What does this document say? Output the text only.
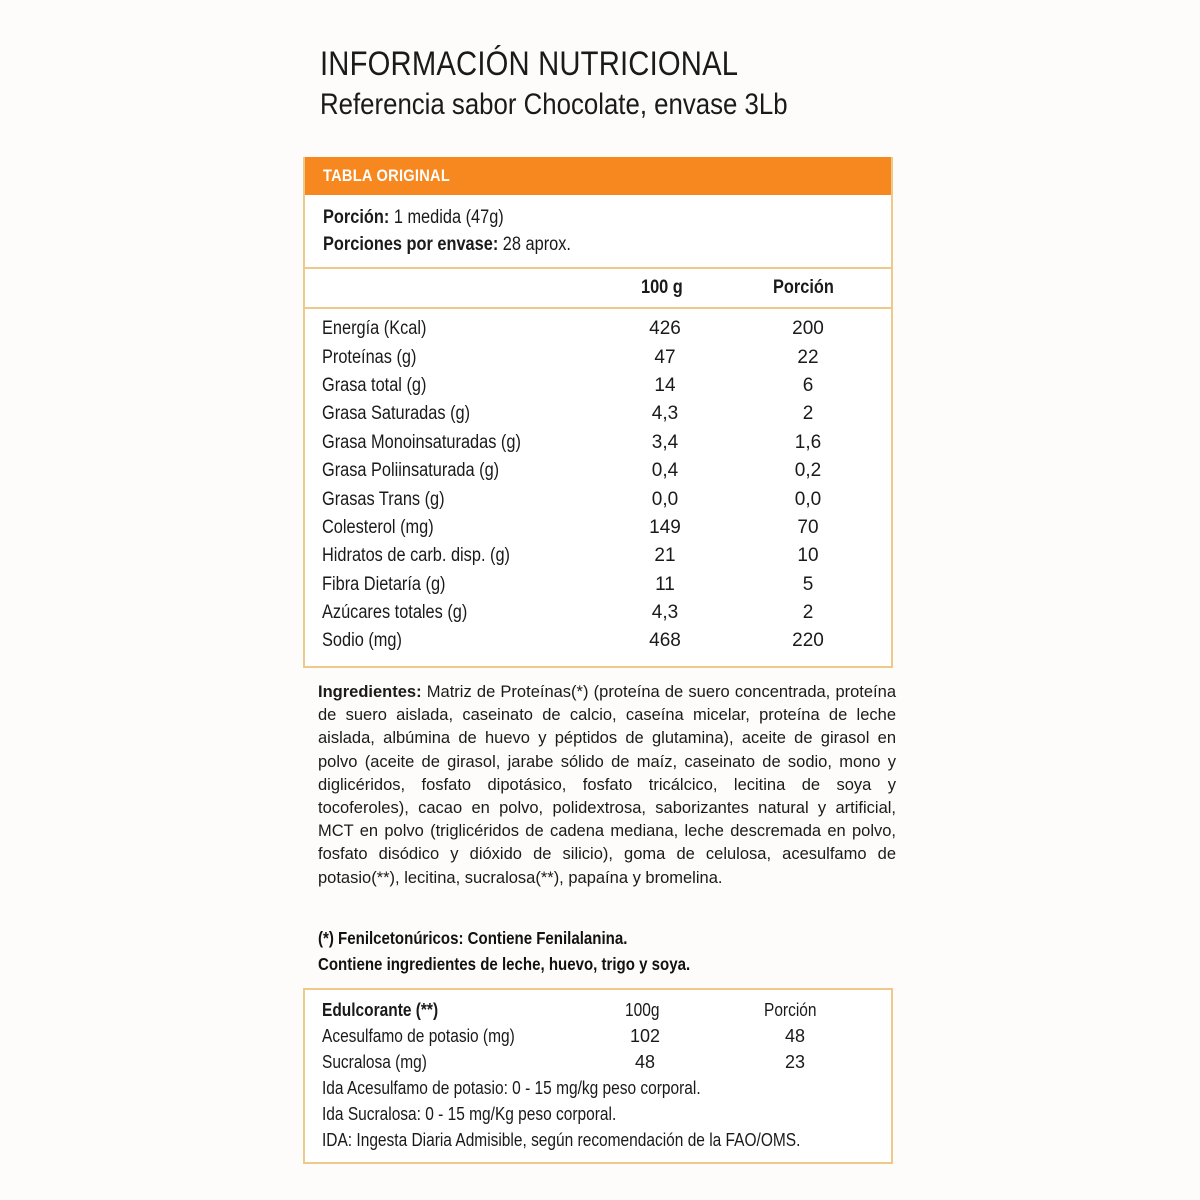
INFORMACIÓN NUTRICIONAL
Referencia sabor Chocolate, envase 3Lb
TABLA ORIGINAL
Porción: 1 medida (47g)
Porciones por envase: 28 aprox.
100 g	Porción
Energía (Kcal)	426	200
Proteínas (g)	47	22
Grasa total (g)	14	6
Grasa Saturadas (g)	4,3	2
Grasa Monoinsaturadas (g)	3,4	1,6
Grasa Poliinsaturada (g)	0,4	0,2
Grasas Trans (g)	0,0	0,0
Colesterol (mg)	149	70
Hidratos de carb. disp. (g)	21	10
Fibra Dietaría (g)	11	5
Azúcares totales (g)	4,3	2
Sodio (mg)	468	220
Ingredientes: Matriz de Proteínas(*) (proteína de suero concentrada, proteína de suero aislada, caseinato de calcio, caseína micelar, proteína de leche aislada, albúmina de huevo y péptidos de glutamina), aceite de girasol en polvo (aceite de girasol, jarabe sólido de maíz, caseinato de sodio, mono y diglicéridos, fosfato dipotásico, fosfato tricálcico, lecitina de soya y tocoferoles), cacao en polvo, polidextrosa, saborizantes natural y artificial, MCT en polvo (triglicéridos de cadena mediana, leche descremada en polvo, fosfato disódico y dióxido de silicio), goma de celulosa, acesulfamo de potasio(**), lecitina, sucralosa(**), papaína y bromelina.
(*) Fenilcetonúricos: Contiene Fenilalanina.
Contiene ingredientes de leche, huevo, trigo y soya.
Edulcorante (**)	100g	Porción
Acesulfamo de potasio (mg)	102	48
Sucralosa (mg)	48	23
Ida Acesulfamo de potasio: 0 - 15 mg/kg peso corporal.
Ida Sucralosa: 0 - 15 mg/Kg peso corporal.
IDA: Ingesta Diaria Admisible, según recomendación de la FAO/OMS.
